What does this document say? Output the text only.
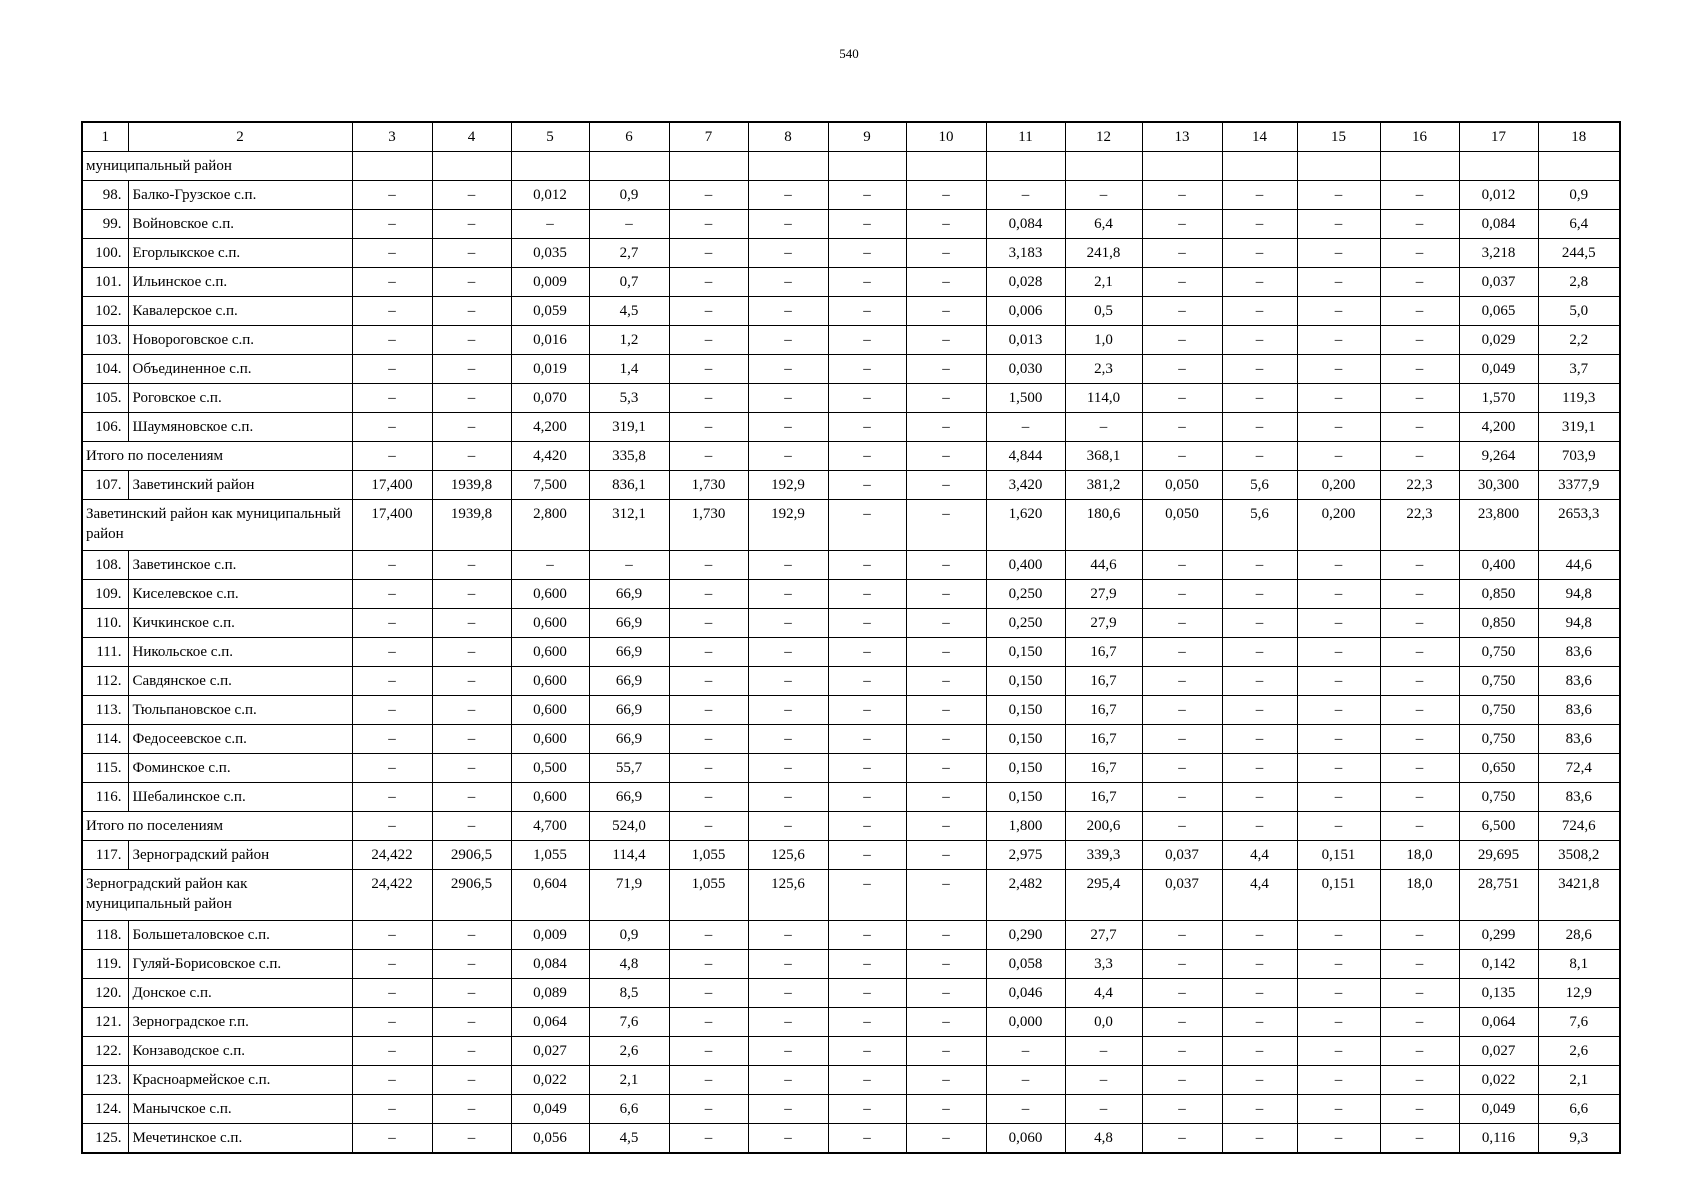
540
1	2	3	4	5	6	7	8	9	10	11	12	13	14	15	16	17	18
муниципальный район																	
98.	Балко-Грузское с.п.	–	–	0,012	0,9	–	–	–	–	–	–	–	–	–	–	0,012	0,9
99.	Войновское с.п.	–	–	–	–	–	–	–	–	0,084	6,4	–	–	–	–	0,084	6,4
100.	Егорлыкское с.п.	–	–	0,035	2,7	–	–	–	–	3,183	241,8	–	–	–	–	3,218	244,5
101.	Ильинское с.п.	–	–	0,009	0,7	–	–	–	–	0,028	2,1	–	–	–	–	0,037	2,8
102.	Кавалерское с.п.	–	–	0,059	4,5	–	–	–	–	0,006	0,5	–	–	–	–	0,065	5,0
103.	Новороговское с.п.	–	–	0,016	1,2	–	–	–	–	0,013	1,0	–	–	–	–	0,029	2,2
104.	Объединенное с.п.	–	–	0,019	1,4	–	–	–	–	0,030	2,3	–	–	–	–	0,049	3,7
105.	Роговское с.п.	–	–	0,070	5,3	–	–	–	–	1,500	114,0	–	–	–	–	1,570	119,3
106.	Шаумяновское с.п.	–	–	4,200	319,1	–	–	–	–	–	–	–	–	–	–	4,200	319,1
Итого по поселениям		–	–	4,420	335,8	–	–	–	–	4,844	368,1	–	–	–	–	9,264	703,9
107.	Заветинский район	17,400	1939,8	7,500	836,1	1,730	192,9	–	–	3,420	381,2	0,050	5,6	0,200	22,3	30,300	3377,9
Заветинский район как муниципальный район		17,400	1939,8	2,800	312,1	1,730	192,9	–	–	1,620	180,6	0,050	5,6	0,200	22,3	23,800	2653,3
108.	Заветинское с.п.	–	–	–	–	–	–	–	–	0,400	44,6	–	–	–	–	0,400	44,6
109.	Киселевское с.п.	–	–	0,600	66,9	–	–	–	–	0,250	27,9	–	–	–	–	0,850	94,8
110.	Кичкинское с.п.	–	–	0,600	66,9	–	–	–	–	0,250	27,9	–	–	–	–	0,850	94,8
111.	Никольское с.п.	–	–	0,600	66,9	–	–	–	–	0,150	16,7	–	–	–	–	0,750	83,6
112.	Савдянское с.п.	–	–	0,600	66,9	–	–	–	–	0,150	16,7	–	–	–	–	0,750	83,6
113.	Тюльпановское с.п.	–	–	0,600	66,9	–	–	–	–	0,150	16,7	–	–	–	–	0,750	83,6
114.	Федосеевское с.п.	–	–	0,600	66,9	–	–	–	–	0,150	16,7	–	–	–	–	0,750	83,6
115.	Фоминское с.п.	–	–	0,500	55,7	–	–	–	–	0,150	16,7	–	–	–	–	0,650	72,4
116.	Шебалинское с.п.	–	–	0,600	66,9	–	–	–	–	0,150	16,7	–	–	–	–	0,750	83,6
Итого по поселениям		–	–	4,700	524,0	–	–	–	–	1,800	200,6	–	–	–	–	6,500	724,6
117.	Зерноградский район	24,422	2906,5	1,055	114,4	1,055	125,6	–	–	2,975	339,3	0,037	4,4	0,151	18,0	29,695	3508,2
Зерноградский район как муниципальный район		24,422	2906,5	0,604	71,9	1,055	125,6	–	–	2,482	295,4	0,037	4,4	0,151	18,0	28,751	3421,8
118.	Большеталовское с.п.	–	–	0,009	0,9	–	–	–	–	0,290	27,7	–	–	–	–	0,299	28,6
119.	Гуляй-Борисовское с.п.	–	–	0,084	4,8	–	–	–	–	0,058	3,3	–	–	–	–	0,142	8,1
120.	Донское с.п.	–	–	0,089	8,5	–	–	–	–	0,046	4,4	–	–	–	–	0,135	12,9
121.	Зерноградское г.п.	–	–	0,064	7,6	–	–	–	–	0,000	0,0	–	–	–	–	0,064	7,6
122.	Конзаводское с.п.	–	–	0,027	2,6	–	–	–	–	–	–	–	–	–	–	0,027	2,6
123.	Красноармейское с.п.	–	–	0,022	2,1	–	–	–	–	–	–	–	–	–	–	0,022	2,1
124.	Манычское с.п.	–	–	0,049	6,6	–	–	–	–	–	–	–	–	–	–	0,049	6,6
125.	Мечетинское с.п.	–	–	0,056	4,5	–	–	–	–	0,060	4,8	–	–	–	–	0,116	9,3
